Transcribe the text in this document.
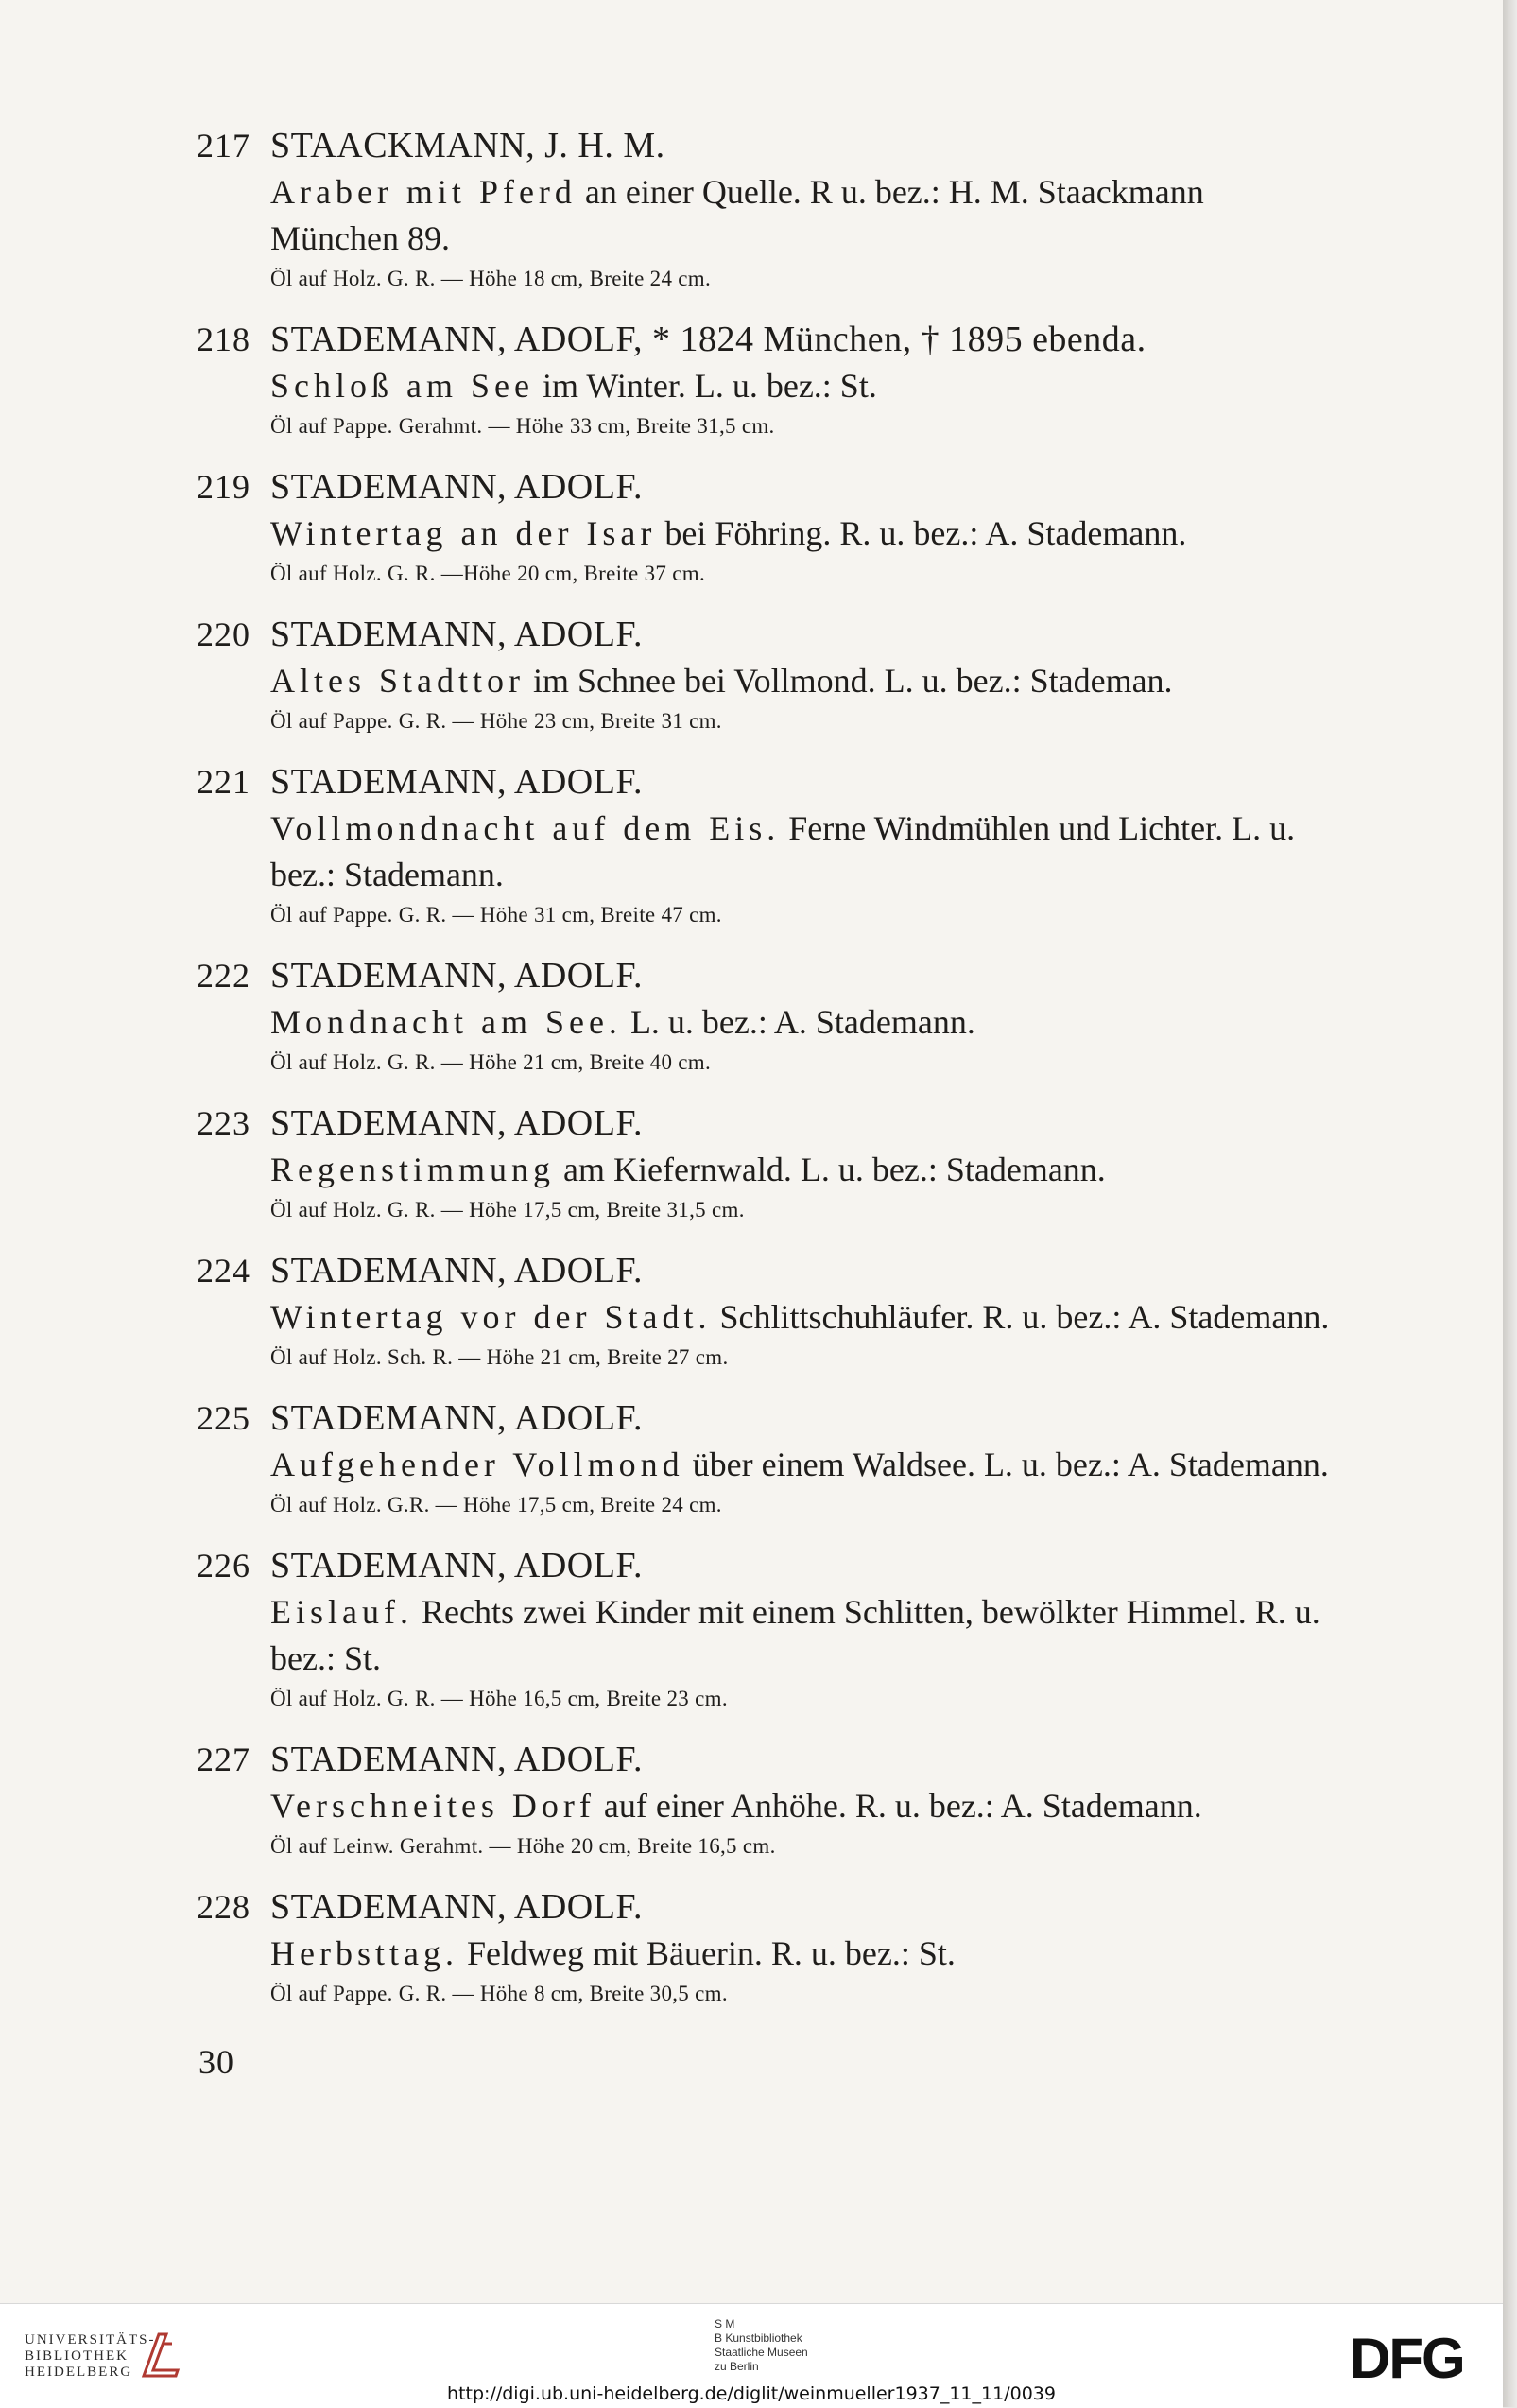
217 STAACKMANN, J. H. M.
Araber mit Pferd an einer Quelle. R u. bez.: H. M. Staackmann München 89.
Öl auf Holz. G. R. — Höhe 18 cm, Breite 24 cm.
218 STADEMANN, ADOLF, * 1824 München, † 1895 ebenda.
Schloß am See im Winter. L. u. bez.: St.
Öl auf Pappe. Gerahmt. — Höhe 33 cm, Breite 31,5 cm.
219 STADEMANN, ADOLF.
Wintertag an der Isar bei Föhring. R. u. bez.: A. Stademann.
Öl auf Holz. G. R. —Höhe 20 cm, Breite 37 cm.
220 STADEMANN, ADOLF.
Altes Stadttor im Schnee bei Vollmond. L. u. bez.: Stademan.
Öl auf Pappe. G. R. — Höhe 23 cm, Breite 31 cm.
221 STADEMANN, ADOLF.
Vollmondnacht auf dem Eis. Ferne Windmühlen und Lichter. L. u. bez.: Stademann.
Öl auf Pappe. G. R. — Höhe 31 cm, Breite 47 cm.
222 STADEMANN, ADOLF.
Mondnacht am See. L. u. bez.: A. Stademann.
Öl auf Holz. G. R. — Höhe 21 cm, Breite 40 cm.
223 STADEMANN, ADOLF.
Regenstimmung am Kiefernwald. L. u. bez.: Stademann.
Öl auf Holz. G. R. — Höhe 17,5 cm, Breite 31,5 cm.
224 STADEMANN, ADOLF.
Wintertag vor der Stadt. Schlittschuhläufer. R. u. bez.: A. Stademann.
Öl auf Holz. Sch. R. — Höhe 21 cm, Breite 27 cm.
225 STADEMANN, ADOLF.
Aufgehender Vollmond über einem Waldsee. L. u. bez.: A. Stademann.
Öl auf Holz. G.R. — Höhe 17,5 cm, Breite 24 cm.
226 STADEMANN, ADOLF.
Eislauf. Rechts zwei Kinder mit einem Schlitten, bewölkter Himmel. R. u. bez.: St.
Öl auf Holz. G. R. — Höhe 16,5 cm, Breite 23 cm.
227 STADEMANN, ADOLF.
Verschneites Dorf auf einer Anhöhe. R. u. bez.: A. Stademann.
Öl auf Leinw. Gerahmt. — Höhe 20 cm, Breite 16,5 cm.
228 STADEMANN, ADOLF.
Herbsttag. Feldweg mit Bäuerin. R. u. bez.: St.
Öl auf Pappe. G. R. — Höhe 8 cm, Breite 30,5 cm.
30
UNIVERSITÄTS-
BIBLIOTHEK
HEIDELBERG
S M
B Kunstbibliothek
Staatliche Museen
zu Berlin	DFG
http://digi.ub.uni-heidelberg.de/diglit/weinmueller1937_11_11/0039
